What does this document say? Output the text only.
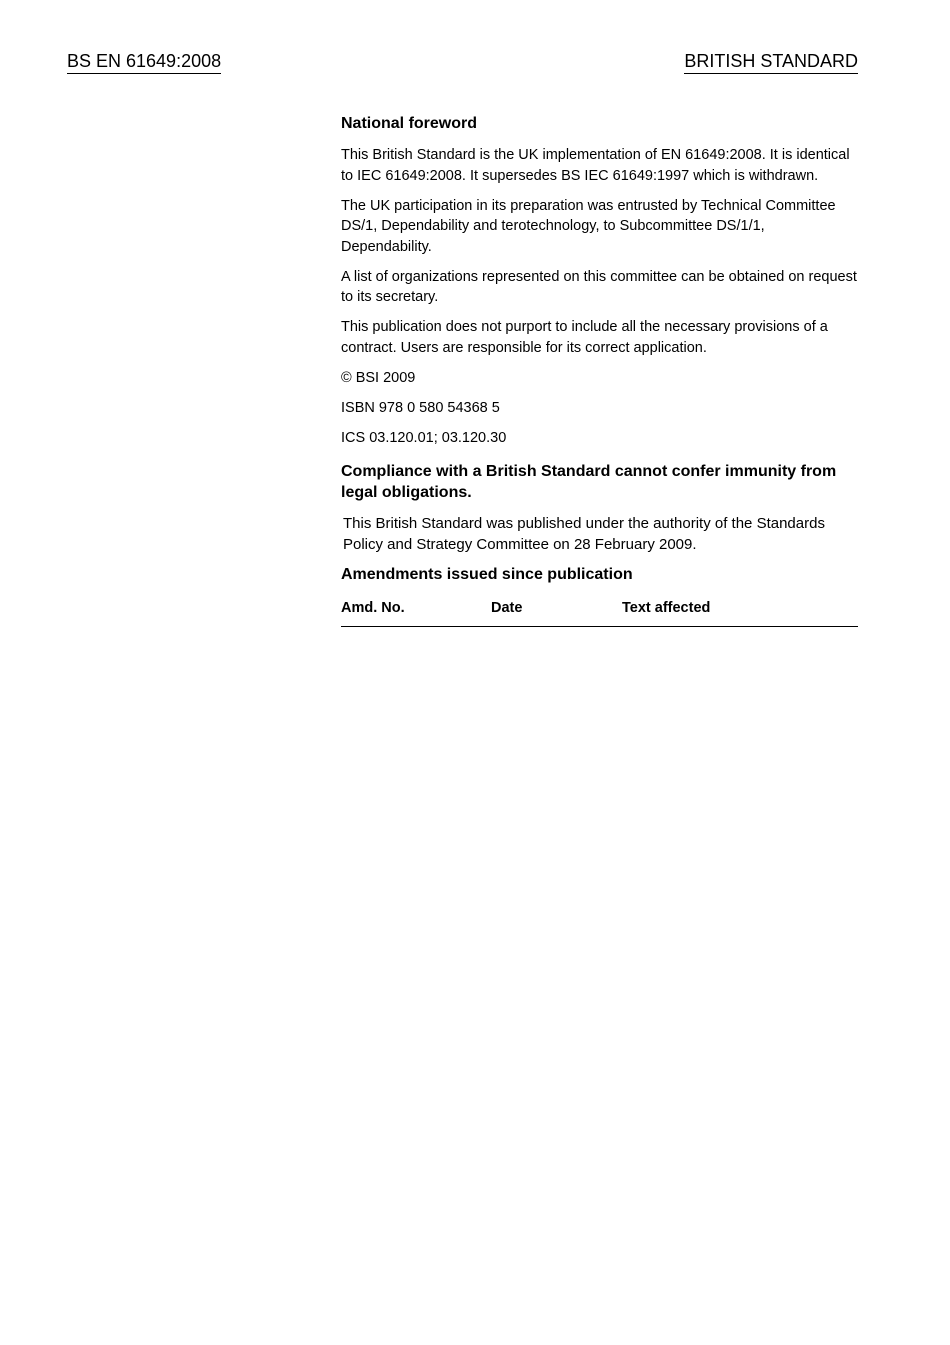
BS EN 61649:2008	BRITISH STANDARD
National foreword

This British Standard is the UK implementation of EN 61649:2008. It is identical to IEC 61649:2008. It supersedes BS IEC 61649:1997 which is withdrawn.

The UK participation in its preparation was entrusted by Technical Committee DS/1, Dependability and terotechnology, to Subcommittee DS/1/1, Dependability.

A list of organizations represented on this committee can be obtained on request to its secretary.

This publication does not purport to include all the necessary provisions of a contract. Users are responsible for its correct application.

© BSI 2009
ISBN 978 0 580 54368 5
ICS 03.120.01; 03.120.30
Compliance with a British Standard cannot confer immunity from legal obligations.

This British Standard was published under the authority of the Standards Policy and Strategy Committee on 28 February 2009.

Amendments issued since publication
Amd. No.	Date	Text affected
